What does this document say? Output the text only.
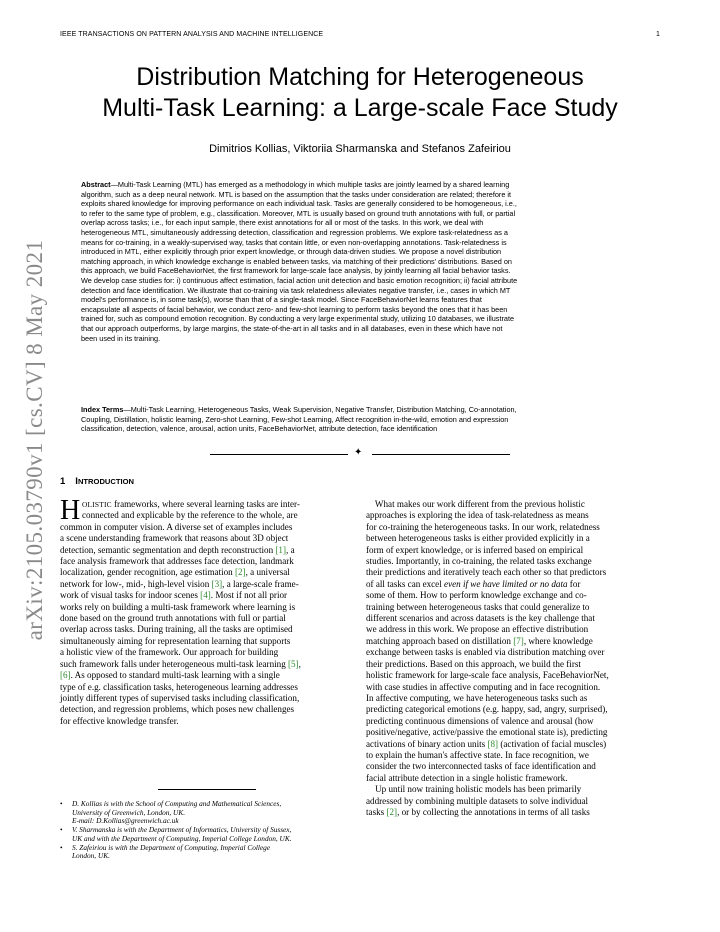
IEEE TRANSACTIONS ON PATTERN ANALYSIS AND MACHINE INTELLIGENCE	1
arXiv:2105.03790v1 [cs.CV] 8 May 2021
Distribution Matching for Heterogeneous
Multi-Task Learning: a Large-scale Face Study
Dimitrios Kollias, Viktoriia Sharmanska and Stefanos Zafeiriou
Abstract—Multi-Task Learning (MTL) has emerged as a methodology in which multiple tasks are jointly learned by a shared learning
algorithm, such as a deep neural network. MTL is based on the assumption that the tasks under consideration are related; therefore it
exploits shared knowledge for improving performance on each individual task. Tasks are generally considered to be homogeneous, i.e.,
to refer to the same type of problem, e.g., classification. Moreover, MTL is usually based on ground truth annotations with full, or partial
overlap across tasks; i.e., for each input sample, there exist annotations for all or most of the tasks. In this work, we deal with
heterogeneous MTL, simultaneously addressing detection, classification and regression problems. We explore task-relatedness as a
means for co-training, in a weakly-supervised way, tasks that contain little, or even non-overlapping annotations. Task-relatedness is
introduced in MTL, either explicitly through prior expert knowledge, or through data-driven studies. We propose a novel distribution
matching approach, in which knowledge exchange is enabled between tasks, via matching of their predictions' distributions. Based on
this approach, we build FaceBehaviorNet, the first framework for large-scale face analysis, by jointly learning all facial behavior tasks.
We develop case studies for: i) continuous affect estimation, facial action unit detection and basic emotion recognition; ii) facial attribute
detection and face identification. We illustrate that co-training via task relatedness alleviates negative transfer, i.e., cases in which MT
model's performance is, in some task(s), worse than that of a single-task model. Since FaceBehaviorNet learns features that
encapsulate all aspects of facial behavior, we conduct zero- and few-shot learning to perform tasks beyond the ones that it has been
trained for, such as compound emotion recognition. By conducting a very large experimental study, utilizing 10 databases, we illustrate
that our approach outperforms, by large margins, the state-of-the-art in all tasks and in all databases, even in these which have not
been used in its training.
Index Terms—Multi-Task Learning, Heterogeneous Tasks, Weak Supervision, Negative Transfer, Distribution Matching, Co-annotation,
Coupling, Distillation, holistic learning, Zero-shot Learning, Few-shot Learning, Affect recognition in-the-wild, emotion and expression
classification, detection, valence, arousal, action units, FaceBehaviorNet, attribute detection, face identification
✦
1 INTRODUCTION
H OLISTIC frameworks, where several learning tasks are inter-
connected and explicable by the reference to the whole, are
common in computer vision. A diverse set of examples includes
a scene understanding framework that reasons about 3D object
detection, semantic segmentation and depth reconstruction [1], a
face analysis framework that addresses face detection, landmark
localization, gender recognition, age estimation [2], a universal
network for low-, mid-, high-level vision [3], a large-scale frame-
work of visual tasks for indoor scenes [4]. Most if not all prior
works rely on building a multi-task framework where learning is
done based on the ground truth annotations with full or partial
overlap across tasks. During training, all the tasks are optimised
simultaneously aiming for representation learning that supports
a holistic view of the framework. Our approach for building
such framework falls under heterogeneous multi-task learning [5],
[6]. As opposed to standard multi-task learning with a single
type of e.g. classification tasks, heterogeneous learning addresses
jointly different types of supervised tasks including classification,
detection, and regression problems, which poses new challenges
for effective knowledge transfer.
What makes our work different from the previous holistic
approaches is exploring the idea of task-relatedness as means
for co-training the heterogeneous tasks. In our work, relatedness
between heterogeneous tasks is either provided explicitly in a
form of expert knowledge, or is inferred based on empirical
studies. Importantly, in co-training, the related tasks exchange
their predictions and iteratively teach each other so that predictors
of all tasks can excel even if we have limited or no data for
some of them. How to perform knowledge exchange and co-
training between heterogeneous tasks that could generalize to
different scenarios and across datasets is the key challenge that
we address in this work. We propose an effective distribution
matching approach based on distillation [7], where knowledge
exchange between tasks is enabled via distribution matching over
their predictions. Based on this approach, we build the first
holistic framework for large-scale face analysis, FaceBehaviorNet,
with case studies in affective computing and in face recognition.
In affective computing, we have heterogeneous tasks such as
predicting categorical emotions (e.g. happy, sad, angry, surprised),
predicting continuous dimensions of valence and arousal (how
positive/negative, active/passive the emotional state is), predicting
activations of binary action units [8] (activation of facial muscles)
to explain the human's affective state. In face recognition, we
consider the two interconnected tasks of face identification and
facial attribute detection in a single holistic framework.
Up until now training holistic models has been primarily
addressed by combining multiple datasets to solve individual
tasks [2], or by collecting the annotations in terms of all tasks
• D. Kollias is with the School of Computing and Mathematical Sciences,
University of Greenwich, London, UK.
E-mail: D.Kollias@greenwich.ac.uk
• V. Sharmanska is with the Department of Informatics, University of Sussex,
UK and with the Department of Computing, Imperial College London, UK.
• S. Zafeiriou is with the Department of Computing, Imperial College
London, UK.
